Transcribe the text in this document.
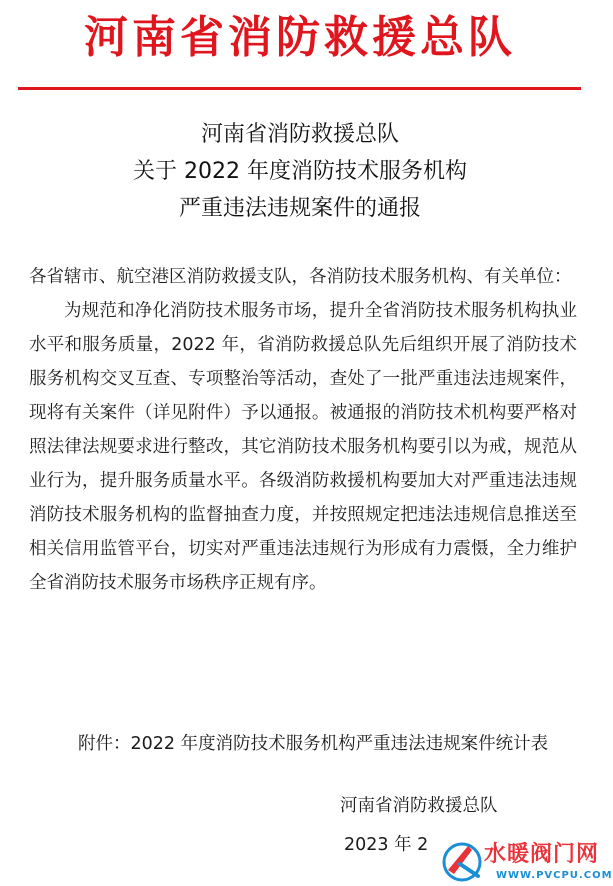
河南省消防救援总队
河南省消防救援总队
关于 2022 年度消防技术服务机构
严重违法违规案件的通报

各省辖市、航空港区消防救援支队，各消防技术服务机构、有关单位：

为规范和净化消防技术服务市场，提升全省消防技术服务机构执业水平和服务质量，2022 年，省消防救援总队先后组织开展了消防技术服务机构交叉互查、专项整治等活动，查处了一批严重违法违规案件，现将有关案件（详见附件）予以通报。被通报的消防技术机构要严格对照法律法规要求进行整改，其它消防技术服务机构要引以为戒，规范从业行为，提升服务质量水平。各级消防救援机构要加大对严重违法违规消防技术服务机构的监督抽查力度，并按照规定把违法违规信息推送至相关信用监管平台，切实对严重违法违规行为形成有力震慑，全力维护全省消防技术服务市场秩序正规有序。

附件：2022 年度消防技术服务机构严重违法违规案件统计表
河南省消防救援总队
2023 年 2	水暖阀门网
WWW.PVCPU.COM
